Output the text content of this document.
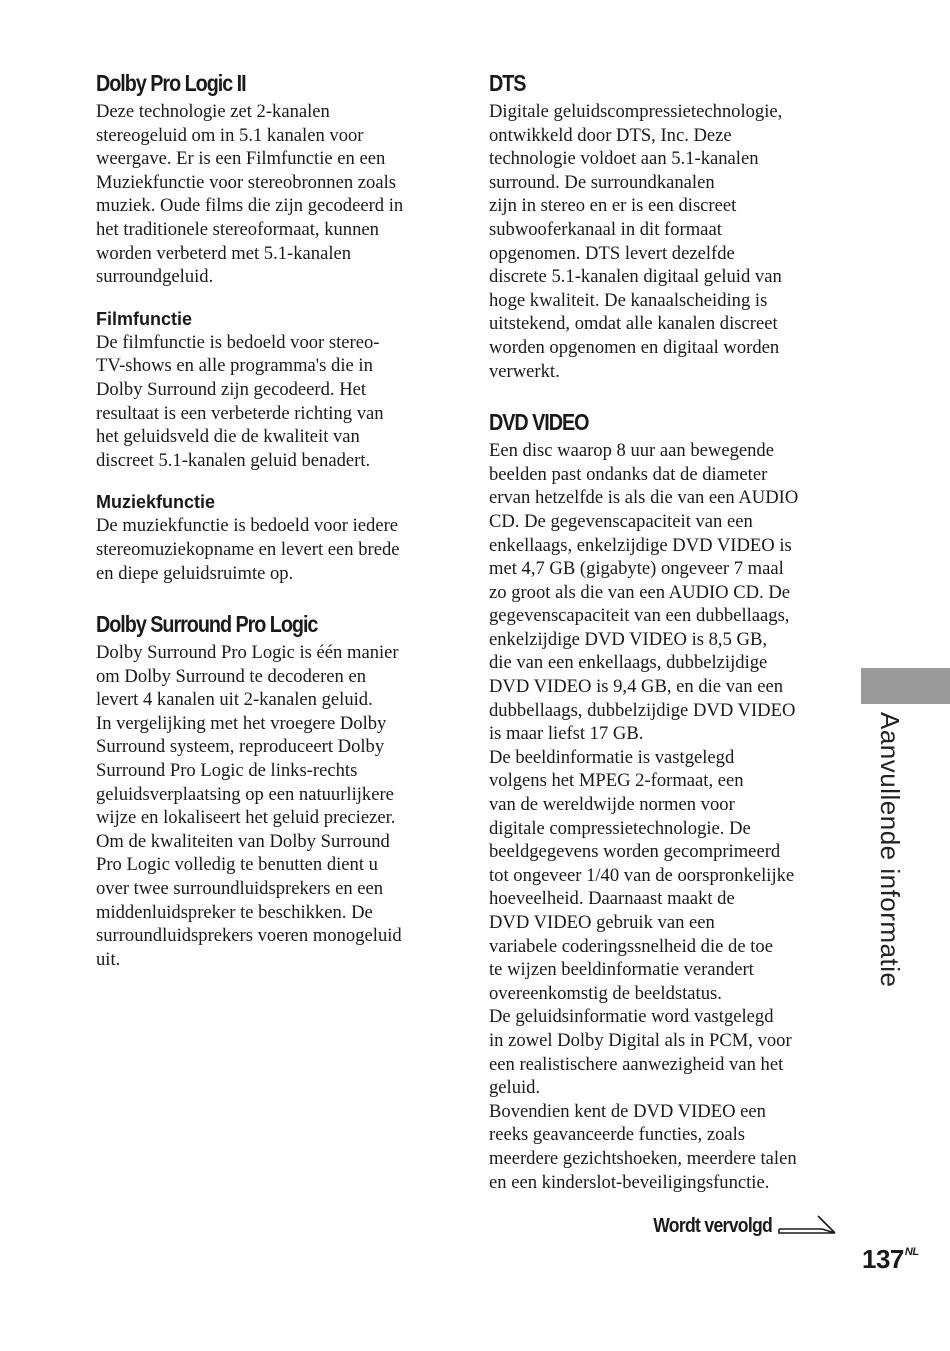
Dolby Pro Logic II

Deze technologie zet 2-kanalen
stereogeluid om in 5.1 kanalen voor
weergave. Er is een Filmfunctie en een
Muziekfunctie voor stereobronnen zoals
muziek. Oude films die zijn gecodeerd in
het traditionele stereoformaat, kunnen
worden verbeterd met 5.1-kanalen
surroundgeluid.

Filmfunctie

De filmfunctie is bedoeld voor stereo-
TV-shows en alle programma's die in
Dolby Surround zijn gecodeerd. Het
resultaat is een verbeterde richting van
het geluidsveld die de kwaliteit van
discreet 5.1-kanalen geluid benadert.

Muziekfunctie

De muziekfunctie is bedoeld voor iedere
stereomuziekopname en levert een brede
en diepe geluidsruimte op.

Dolby Surround Pro Logic

Dolby Surround Pro Logic is één manier
om Dolby Surround te decoderen en
levert 4 kanalen uit 2-kanalen geluid.
In vergelijking met het vroegere Dolby
Surround systeem, reproduceert Dolby
Surround Pro Logic de links-rechts
geluidsverplaatsing op een natuurlijkere
wijze en lokaliseert het geluid preciezer.
Om de kwaliteiten van Dolby Surround
Pro Logic volledig te benutten dient u
over twee surroundluidsprekers en een
middenluidspreker te beschikken. De
surroundluidsprekers voeren monogeluid
uit.

DTS

Digitale geluidscompressietechnologie,
ontwikkeld door DTS, Inc. Deze
technologie voldoet aan 5.1-kanalen
surround. De surroundkanalen
zijn in stereo en er is een discreet
subwooferkanaal in dit formaat
opgenomen. DTS levert dezelfde
discrete 5.1-kanalen digitaal geluid van
hoge kwaliteit. De kanaalscheiding is
uitstekend, omdat alle kanalen discreet
worden opgenomen en digitaal worden
verwerkt.

DVD VIDEO

Een disc waarop 8 uur aan bewegende
beelden past ondanks dat de diameter
ervan hetzelfde is als die van een AUDIO
CD. De gegevenscapaciteit van een
enkellaags, enkelzijdige DVD VIDEO is
met 4,7 GB (gigabyte) ongeveer 7 maal
zo groot als die van een AUDIO CD. De
gegevenscapaciteit van een dubbellaags,
enkelzijdige DVD VIDEO is 8,5 GB,
die van een enkellaags, dubbelzijdige
DVD VIDEO is 9,4 GB, en die van een
dubbellaags, dubbelzijdige DVD VIDEO
is maar liefst 17 GB.
De beeldinformatie is vastgelegd
volgens het MPEG 2-formaat, een
van de wereldwijde normen voor
digitale compressietechnologie. De
beeldgegevens worden gecomprimeerd
tot ongeveer 1/40 van de oorspronkelijke
hoeveelheid. Daarnaast maakt de
DVD VIDEO gebruik van een
variabele coderingssnelheid die de toe
te wijzen beeldinformatie verandert
overeenkomstig de beeldstatus.
De geluidsinformatie word vastgelegd
in zowel Dolby Digital als in PCM, voor
een realistischere aanwezigheid van het
geluid.
Bovendien kent de DVD VIDEO een
reeks geavanceerde functies, zoals
meerdere gezichtshoeken, meerdere talen
en een kinderslot-beveiligingsfunctie.

Aanvullende informatie
Wordt vervolgd
$137^{NL}$
